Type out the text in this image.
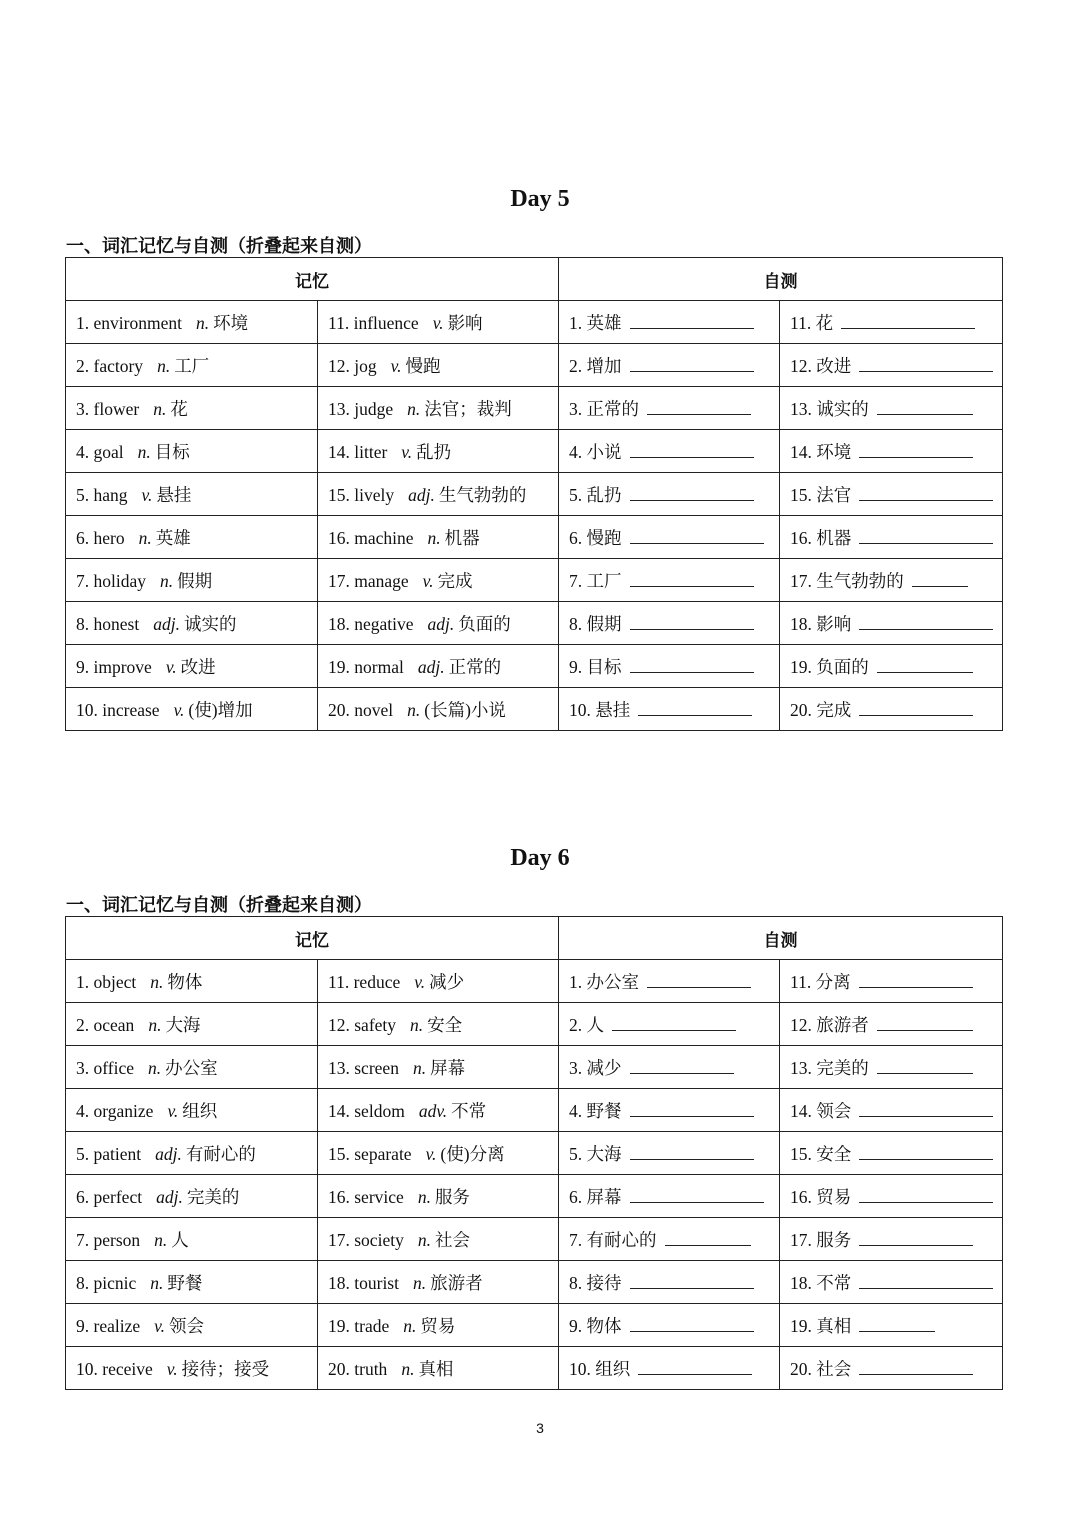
Day 5
一、词汇记忆与自测（折叠起来自测）
记忆		自测	
1. environment n. 环境	11. influence v. 影响	1. 英雄	11. 花
2. factory n. 工厂	12. jog v. 慢跑	2. 增加	12. 改进
3. flower n. 花	13. judge n. 法官；裁判	3. 正常的	13. 诚实的
4. goal n. 目标	14. litter v. 乱扔	4. 小说	14. 环境
5. hang v. 悬挂	15. lively adj. 生气勃勃的	5. 乱扔	15. 法官
6. hero n. 英雄	16. machine n. 机器	6. 慢跑	16. 机器
7. holiday n. 假期	17. manage v. 完成	7. 工厂	17. 生气勃勃的
8. honest adj. 诚实的	18. negative adj. 负面的	8. 假期	18. 影响
9. improve v. 改进	19. normal adj. 正常的	9. 目标	19. 负面的
10. increase v. (使)增加	20. novel n. (长篇)小说	10. 悬挂	20. 完成
Day 6
一、词汇记忆与自测（折叠起来自测）
记忆		自测	
1. object n. 物体	11. reduce v. 减少	1. 办公室	11. 分离
2. ocean n. 大海	12. safety n. 安全	2. 人	12. 旅游者
3. office n. 办公室	13. screen n. 屏幕	3. 减少	13. 完美的
4. organize v. 组织	14. seldom adv. 不常	4. 野餐	14. 领会
5. patient adj. 有耐心的	15. separate v. (使)分离	5. 大海	15. 安全
6. perfect adj. 完美的	16. service n. 服务	6. 屏幕	16. 贸易
7. person n. 人	17. society n. 社会	7. 有耐心的	17. 服务
8. picnic n. 野餐	18. tourist n. 旅游者	8. 接待	18. 不常
9. realize v. 领会	19. trade n. 贸易	9. 物体	19. 真相
10. receive v. 接待；接受	20. truth n. 真相	10. 组织	20. 社会
3
